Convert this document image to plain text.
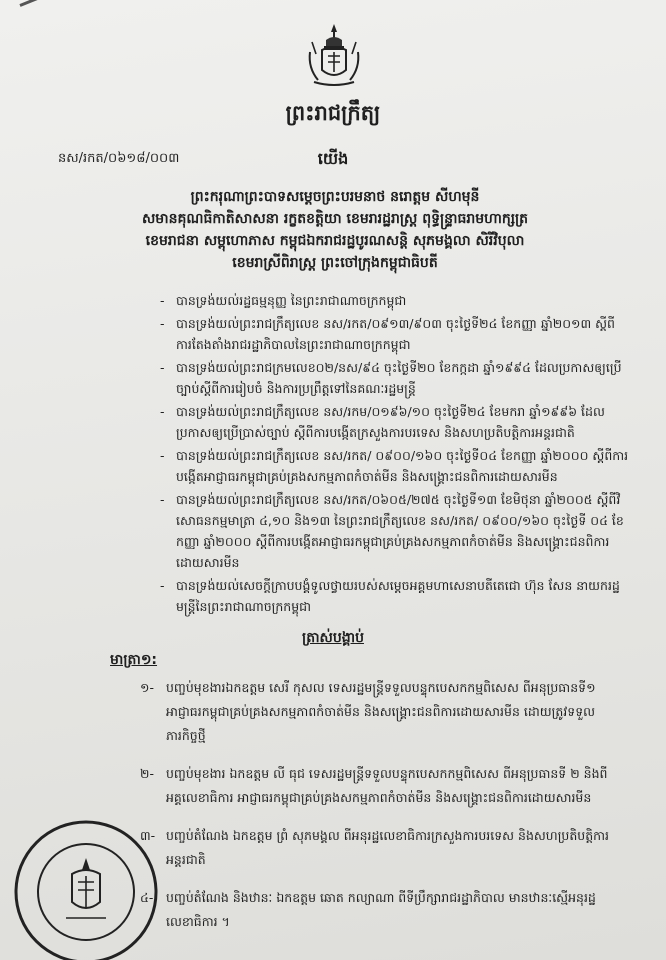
ព្រះរាជក្រឹត្យ
នស/រកត/០៦១៨/០០៣	យើង
ព្រះករុណាព្រះបាទសម្ដេចព្រះបរមនាថ នរោត្ដម សីហមុនី
សមានគុណធិកាតិសាសនា រក្ខតខត្តិយា ខេមរារដ្ឋរាស្ត្រ ពុទ្ធិន្ទ្រាធរាមហាក្សត្រ
ខេមរាជនា សម្ពុហោភាស កម្ពុជឯករាជរដ្ឋបូរណសន្តិ សុភមង្គលា សិរីវិបុលា
ខេមរាស្រីពិរាស្ត្រ ព្រះចៅក្រុងកម្ពុជាធិបតី
- បានទ្រង់យល់រដ្ឋធម្មនុញ្ញ នៃព្រះរាជាណាចក្រកម្ពុជា
- បានទ្រង់យល់ព្រះរាជក្រឹត្យលេខ នស/រកត/០៩១៣/៩០៣ ចុះថ្ងៃទី២៤ ខែកញ្ញា ឆ្នាំ២០១៣ ស្ដីពីការតែងតាំងរាជរដ្ឋាភិបាលនៃព្រះរាជាណាចក្រកម្ពុជា
- បានទ្រង់យល់ព្រះរាជក្រមលេខ០២/នស/៩៤ ចុះថ្ងៃទី២០ ខែកក្កដា ឆ្នាំ១៩៩៤ ដែលប្រកាសឲ្យប្រើច្បាប់ស្ដីពីការរៀបចំ និងការប្រព្រឹត្តទៅនៃគណៈរដ្ឋមន្ត្រី
- បានទ្រង់យល់ព្រះរាជក្រឹត្យលេខ នស/រកម/០១៩៦/១០ ចុះថ្ងៃទី២៤ ខែមករា ឆ្នាំ១៩៩៦ ដែលប្រកាសឲ្យប្រើប្រាស់ច្បាប់ ស្ដីពីការបង្កើតក្រសួងការបរទេស និងសហប្រតិបត្តិការអន្តរជាតិ
- បានទ្រង់យល់ព្រះរាជក្រឹត្យលេខ នស/រកត/ ០៩០០/១៦០ ចុះថ្ងៃទី០៤ ខែកញ្ញា ឆ្នាំ២០០០ ស្ដីពីការបង្កើតអាជ្ញាធរកម្ពុជាគ្រប់គ្រងសកម្មភាពកំចាត់មីន និងសង្គ្រោះជនពិការដោយសារមីន
- បានទ្រង់យល់ព្រះរាជក្រឹត្យលេខ នស/រកត/០៦០៥/២៧៥ ចុះថ្ងៃទី១៣ ខែមិថុនា ឆ្នាំ២០០៥ ស្ដីពីវិសោធនកម្មមាត្រា ៤,១០ និង១៣ នៃព្រះរាជក្រឹត្យលេខ នស/រកត/ ០៩០០/១៦០ ចុះថ្ងៃទី ០៤ ខែកញ្ញា ឆ្នាំ២០០០ ស្ដីពីការបង្កើតអាជ្ញាធរកម្ពុជាគ្រប់គ្រងសកម្មភាពកំចាត់មីន និងសង្គ្រោះជនពិការដោយសារមីន
- បានទ្រង់យល់សេចក្ដីក្រាបបង្គំទូលថ្វាយរបស់សម្ដេចអគ្គមហាសេនាបតីតេជោ ហ៊ុន សែន នាយករដ្ឋមន្ត្រីនៃព្រះរាជាណាចក្រកម្ពុជា
ត្រាស់បង្គាប់
មាត្រា១:
១- បញ្ចប់មុខងារឯកឧត្ដម សេរី កុសល ទេសរដ្ឋមន្ត្រីទទួលបន្ទុកបេសកកម្មពិសេស ពីអនុប្រធានទី១ អាជ្ញាធរកម្ពុជាគ្រប់គ្រងសកម្មភាពកំចាត់មីន និងសង្គ្រោះជនពិការដោយសារមីន ដោយត្រូវទទួលភារកិច្ចថ្មី
២- បញ្ចប់មុខងារ ឯកឧត្ដម លី ធុជ ទេសរដ្ឋមន្ត្រីទទួលបន្ទុកបេសកកម្មពិសេស ពីអនុប្រធានទី ២ និងពីអគ្គលេខាធិការ អាជ្ញាធរកម្ពុជាគ្រប់គ្រងសកម្មភាពកំចាត់មីន និងសង្គ្រោះជនពិការដោយសារមីន
៣- បញ្ចប់តំណែង ឯកឧត្ដម ព្រំ សុភមង្គល ពីអនុរដ្ឋលេខាធិការក្រសួងការបរទេស និងសហប្រតិបត្តិការអន្តរជាតិ
៤-	បញ្ចប់តំណែង និងឋានៈ ឯកឧត្ដម ឆោត កល្យាណា ពីទីប្រឹក្សារាជរដ្ឋាភិបាល មានឋានៈស្មើអនុរដ្ឋលេខាធិការ ។
